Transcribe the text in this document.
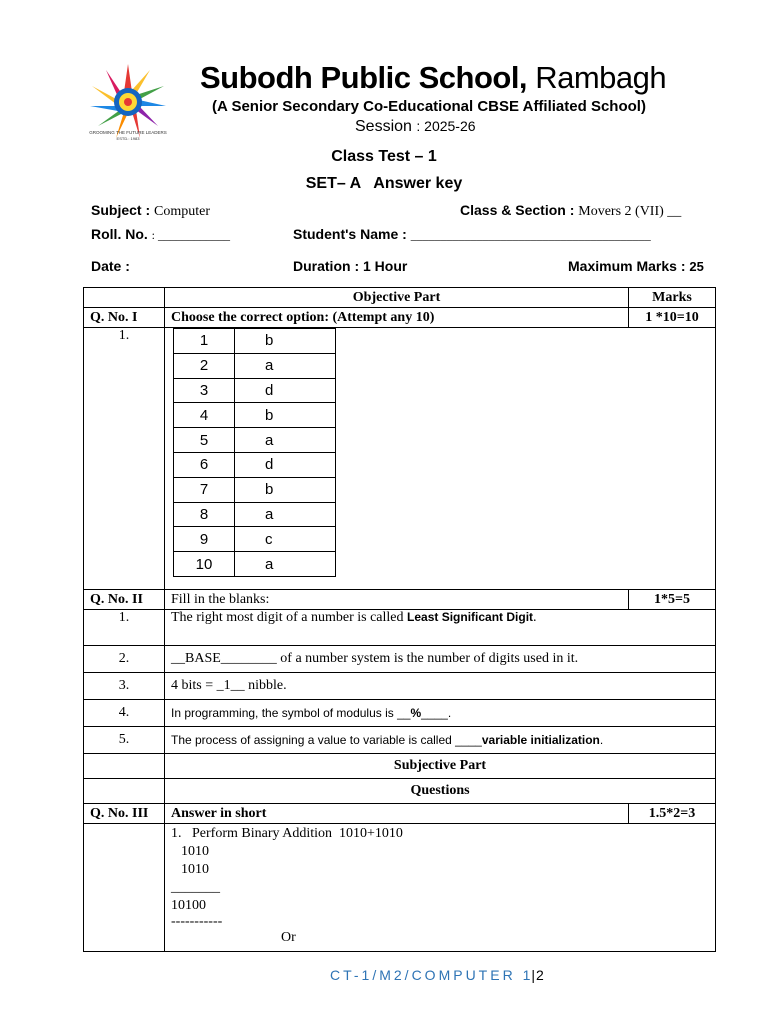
GROOMING THE FUTURE LEADERS
ESTD.: 1983
Subodh Public School, Rambagh
(A Senior Secondary Co-Educational CBSE Affiliated School)
Session : 2025-26
Class Test – 1
SET– A   Answer key
Subject : Computer	Class & Section : Movers 2 (VII) __
Roll. No. : ____________	Student's Name : ________________________________________
Date :	Duration : 1 Hour	Maximum Marks : 25
	Objective Part	Marks
Q. No. I	Choose the correct option: (Attempt any 10)	1 *10=10
1.		1	b
2	a
3	d
4	b
5	a
6	d
7	b
8	a
9	c
10	a

Q. No. II	Fill in the blanks:	1*5=5
1.	The right most digit of a number is called Least Significant Digit.
2.	__BASE________ of a number system is the number of digits used in it.
3.	4 bits = _1__ nibble.
4.	In programming, the symbol of modulus is __%____.
5.	The process of assigning a value to variable is called ____variable initialization.
	Subjective Part
	Questions
Q. No. III	Answer in short	1.5*2=3

1.   Perform Binary Addition  1010+1010
1010
1010
_______
10100
-----------
Or
CT-1/M2/COMPUTER 1|2
